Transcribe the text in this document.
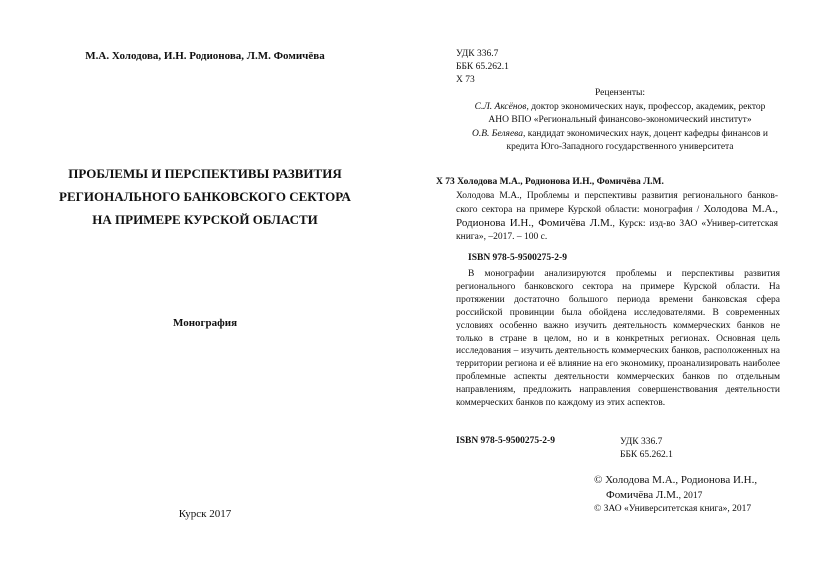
М.А. Холодова, И.Н. Родионова, Л.М. Фомичёва
ПРОБЛЕМЫ И ПЕРСПЕКТИВЫ РАЗВИТИЯ
РЕГИОНАЛЬНОГО БАНКОВСКОГО СЕКТОРА
НА ПРИМЕРЕ КУРСКОЙ ОБЛАСТИ
Монография
Курск 2017
УДК 336.7
ББК 65.262.1
Х 73
Рецензенты:
С.Л. Аксёнов, доктор экономических наук, профессор, академик, ректор
АНО ВПО «Региональный финансово-экономический институт»
О.В. Беляева, кандидат экономических наук, доцент кафедры финансов и
кредита Юго-Западного государственного университета
Х 73 Холодова М.А., Родионова И.Н., Фомичёва Л.М.
Холодова М.А., Проблемы и перспективы развития регионального банков-ского сектора на примере Курской области: монография / Холодова М.А., Родионова И.Н., Фомичёва Л.М., Курск: изд-во ЗАО «Универ-ситетская книга», –2017. – 100 с.
ISBN 978-5-9500275-2-9
В монографии анализируются проблемы и перспективы развития регионального банковского сектора на примере Курской области. На протяжении достаточно большого периода времени банковская сфера российской провинции была обойдена исследователями. В современных условиях особенно важно изучить деятельность коммерческих банков не только в стране в целом, но и в конкретных регионах. Основная цель исследования – изучить деятельность коммерческих банков, расположенных на территории региона и её влияние на его экономику, проанализировать наиболее проблемные аспекты деятельности коммерческих банков по отдельным направлениям, предложить направления совершенствования деятельности коммерческих банков по каждому из этих аспектов.
ISBN 978-5-9500275-2-9	УДК 336.7
ББК 65.262.1
© Холодова М.А., Родионова И.Н.,
Фомичёва Л.М., 2017
© ЗАО «Университетская книга», 2017
